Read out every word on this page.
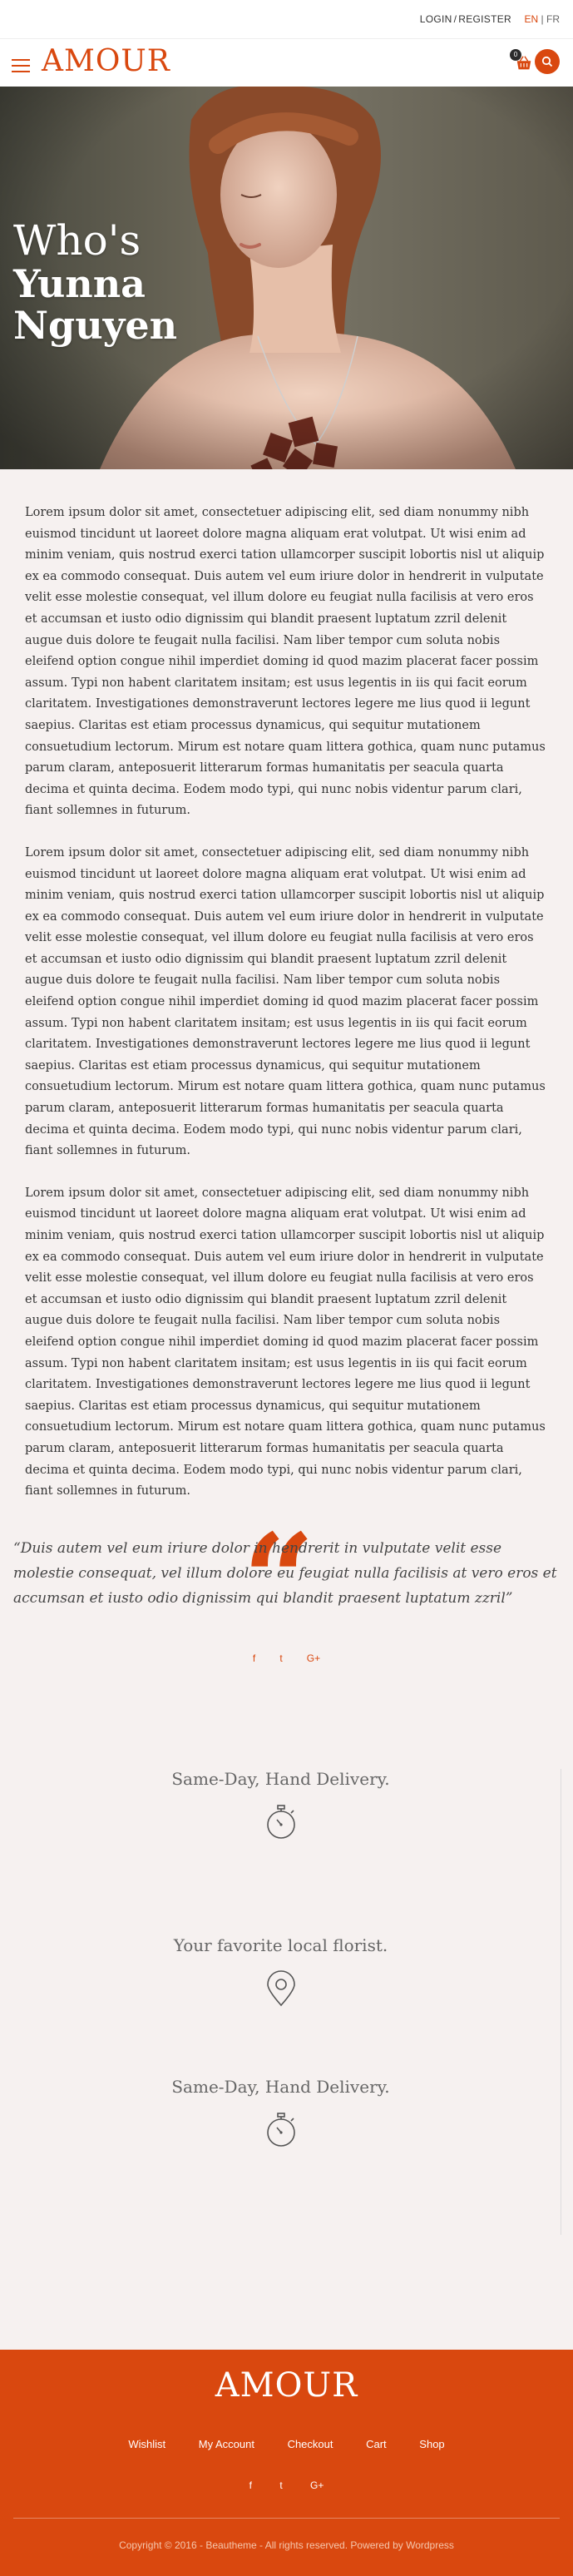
LOGIN / REGISTER EN | FR
AMOUR	0
Who's
Yunna
Nguyen

Lorem ipsum dolor sit amet, consectetuer adipiscing elit, sed diam nonummy nibh euismod tincidunt ut laoreet dolore magna aliquam erat volutpat. Ut wisi enim ad minim veniam, quis nostrud exerci tation ullamcorper suscipit lobortis nisl ut aliquip ex ea commodo consequat. Duis autem vel eum iriure dolor in hendrerit in vulputate velit esse molestie consequat, vel illum dolore eu feugiat nulla facilisis at vero eros et accumsan et iusto odio dignissim qui blandit praesent luptatum zzril delenit augue duis dolore te feugait nulla facilisi. Nam liber tempor cum soluta nobis eleifend option congue nihil imperdiet doming id quod mazim placerat facer possim assum. Typi non habent claritatem insitam; est usus legentis in iis qui facit eorum claritatem. Investigationes demonstraverunt lectores legere me lius quod ii legunt saepius. Claritas est etiam processus dynamicus, qui sequitur mutationem consuetudium lectorum. Mirum est notare quam littera gothica, quam nunc putamus parum claram, anteposuerit litterarum formas humanitatis per seacula quarta decima et quinta decima. Eodem modo typi, qui nunc nobis videntur parum clari, fiant sollemnes in futurum.

Lorem ipsum dolor sit amet, consectetuer adipiscing elit, sed diam nonummy nibh euismod tincidunt ut laoreet dolore magna aliquam erat volutpat. Ut wisi enim ad minim veniam, quis nostrud exerci tation ullamcorper suscipit lobortis nisl ut aliquip ex ea commodo consequat. Duis autem vel eum iriure dolor in hendrerit in vulputate velit esse molestie consequat, vel illum dolore eu feugiat nulla facilisis at vero eros et accumsan et iusto odio dignissim qui blandit praesent luptatum zzril delenit augue duis dolore te feugait nulla facilisi. Nam liber tempor cum soluta nobis eleifend option congue nihil imperdiet doming id quod mazim placerat facer possim assum. Typi non habent claritatem insitam; est usus legentis in iis qui facit eorum claritatem. Investigationes demonstraverunt lectores legere me lius quod ii legunt saepius. Claritas est etiam processus dynamicus, qui sequitur mutationem consuetudium lectorum. Mirum est notare quam littera gothica, quam nunc putamus parum claram, anteposuerit litterarum formas humanitatis per seacula quarta decima et quinta decima. Eodem modo typi, qui nunc nobis videntur parum clari, fiant sollemnes in futurum.

Lorem ipsum dolor sit amet, consectetuer adipiscing elit, sed diam nonummy nibh euismod tincidunt ut laoreet dolore magna aliquam erat volutpat. Ut wisi enim ad minim veniam, quis nostrud exerci tation ullamcorper suscipit lobortis nisl ut aliquip ex ea commodo consequat. Duis autem vel eum iriure dolor in hendrerit in vulputate velit esse molestie consequat, vel illum dolore eu feugiat nulla facilisis at vero eros et accumsan et iusto odio dignissim qui blandit praesent luptatum zzril delenit augue duis dolore te feugait nulla facilisi. Nam liber tempor cum soluta nobis eleifend option congue nihil imperdiet doming id quod mazim placerat facer possim assum. Typi non habent claritatem insitam; est usus legentis in iis qui facit eorum claritatem. Investigationes demonstraverunt lectores legere me lius quod ii legunt saepius. Claritas est etiam processus dynamicus, qui sequitur mutationem consuetudium lectorum. Mirum est notare quam littera gothica, quam nunc putamus parum claram, anteposuerit litterarum formas humanitatis per seacula quarta decima et quinta decima. Eodem modo typi, qui nunc nobis videntur parum clari, fiant sollemnes in futurum.

“
“Duis autem vel eum iriure dolor in hendrerit in vulputate velit esse molestie consequat, vel illum dolore eu feugiat nulla facilisis at vero eros et accumsan et iusto odio dignissim qui blandit praesent luptatum zzril”
f t G+
Same-Day, Hand Delivery.
Your favorite local florist.
Same-Day, Hand Delivery.
AMOUR
Wishlist	My Account	Checkout	Cart	Shop
f	t	G+
Copyright © 2016 - Beautheme - All rights reserved. Powered by Wordpress
